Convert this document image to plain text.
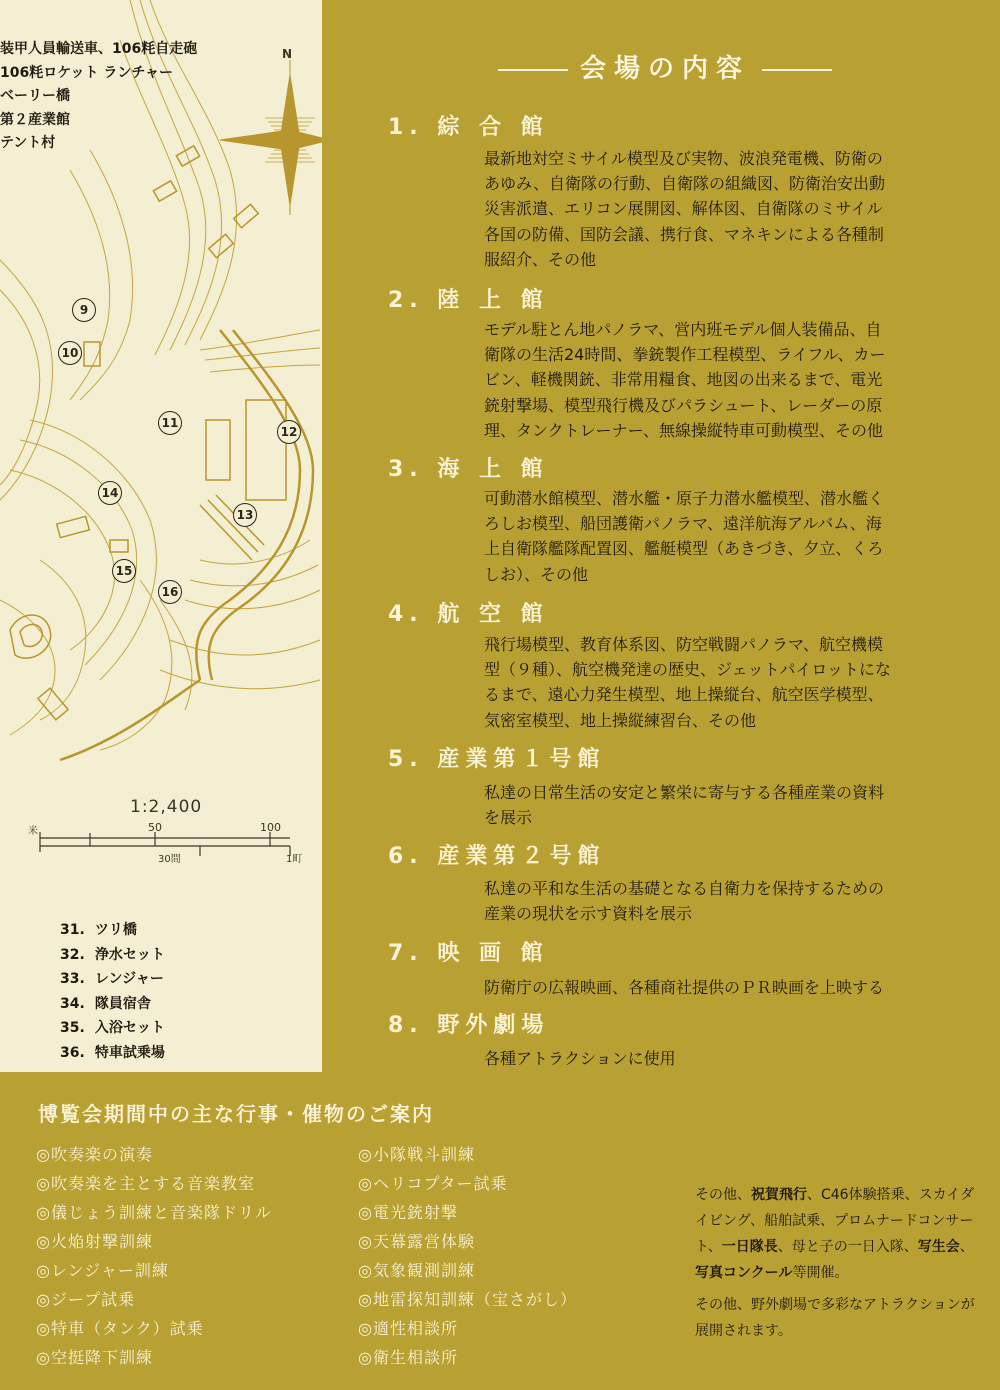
N
米	50	100
30間	1町
装甲人員輸送車、106粍自走砲
106粍ロケット ランチャー
ベーリー橋
第２産業館
テント村
9
10
11
12
13
14
15
16
1:2,400
31. ツリ橋
32. 浄水セット
33. レンジャー
34. 隊員宿舎
35. 入浴セット
36. 特車試乗場
会場の内容
1. 綜 合 館
最新地対空ミサイル模型及び実物、波浪発電機、防衛の
あゆみ、自衛隊の行動、自衛隊の組織図、防衛治安出動
災害派遣、エリコン展開図、解体図、自衛隊のミサイル
各国の防備、国防会議、携行食、マネキンによる各種制
服紹介、その他
2. 陸 上 館
モデル駐とん地パノラマ、営内班モデル個人装備品、自
衛隊の生活24時間、拳銃製作工程模型、ライフル、カー
ビン、軽機関銃、非常用糧食、地図の出来るまで、電光
銃射撃場、模型飛行機及びパラシュート、レーダーの原
理、タンクトレーナー、無線操縦特車可動模型、その他
3. 海 上 館
可動潜水館模型、潜水艦・原子力潜水艦模型、潜水艦く
ろしお模型、船団護衛パノラマ、遠洋航海アルバム、海
上自衛隊艦隊配置図、艦艇模型（あきづき、夕立、くろ
しお）、その他
4. 航 空 館
飛行場模型、教育体系図、防空戦闘パノラマ、航空機模
型（９種）、航空機発達の歴史、ジェットパイロットにな
るまで、遠心力発生模型、地上操縦台、航空医学模型、
気密室模型、地上操縦練習台、その他
5. 産業第１号館
私達の日常生活の安定と繁栄に寄与する各種産業の資料
を展示
6. 産業第２号館
私達の平和な生活の基礎となる自衛力を保持するための
産業の現状を示す資料を展示
7. 映 画 館
防衛庁の広報映画、各種商社提供のＰＲ映画を上映する
8. 野外劇場
各種アトラクションに使用
博覧会期間中の主な行事・催物のご案内
◎吹奏楽の演奏
◎吹奏楽を主とする音楽教室
◎儀じょう訓練と音楽隊ドリル
◎火焔射撃訓練
◎レンジャー訓練
◎ジープ試乗
◎特車（タンク）試乗
◎空挺降下訓練
◎小隊戦斗訓練
◎ヘリコプター試乗
◎電光銃射撃
◎天幕露営体験
◎気象観測訓練
◎地雷探知訓練（宝さがし）
◎適性相談所
◎衛生相談所
その他、祝賀飛行、C46体験搭乗、スカイダイビング、船舶試乗、プロムナードコンサート、一日隊長、母と子の一日入隊、写生会、写真コンクール等開催。
その他、野外劇場で多彩なアトラクションが展開されます。
